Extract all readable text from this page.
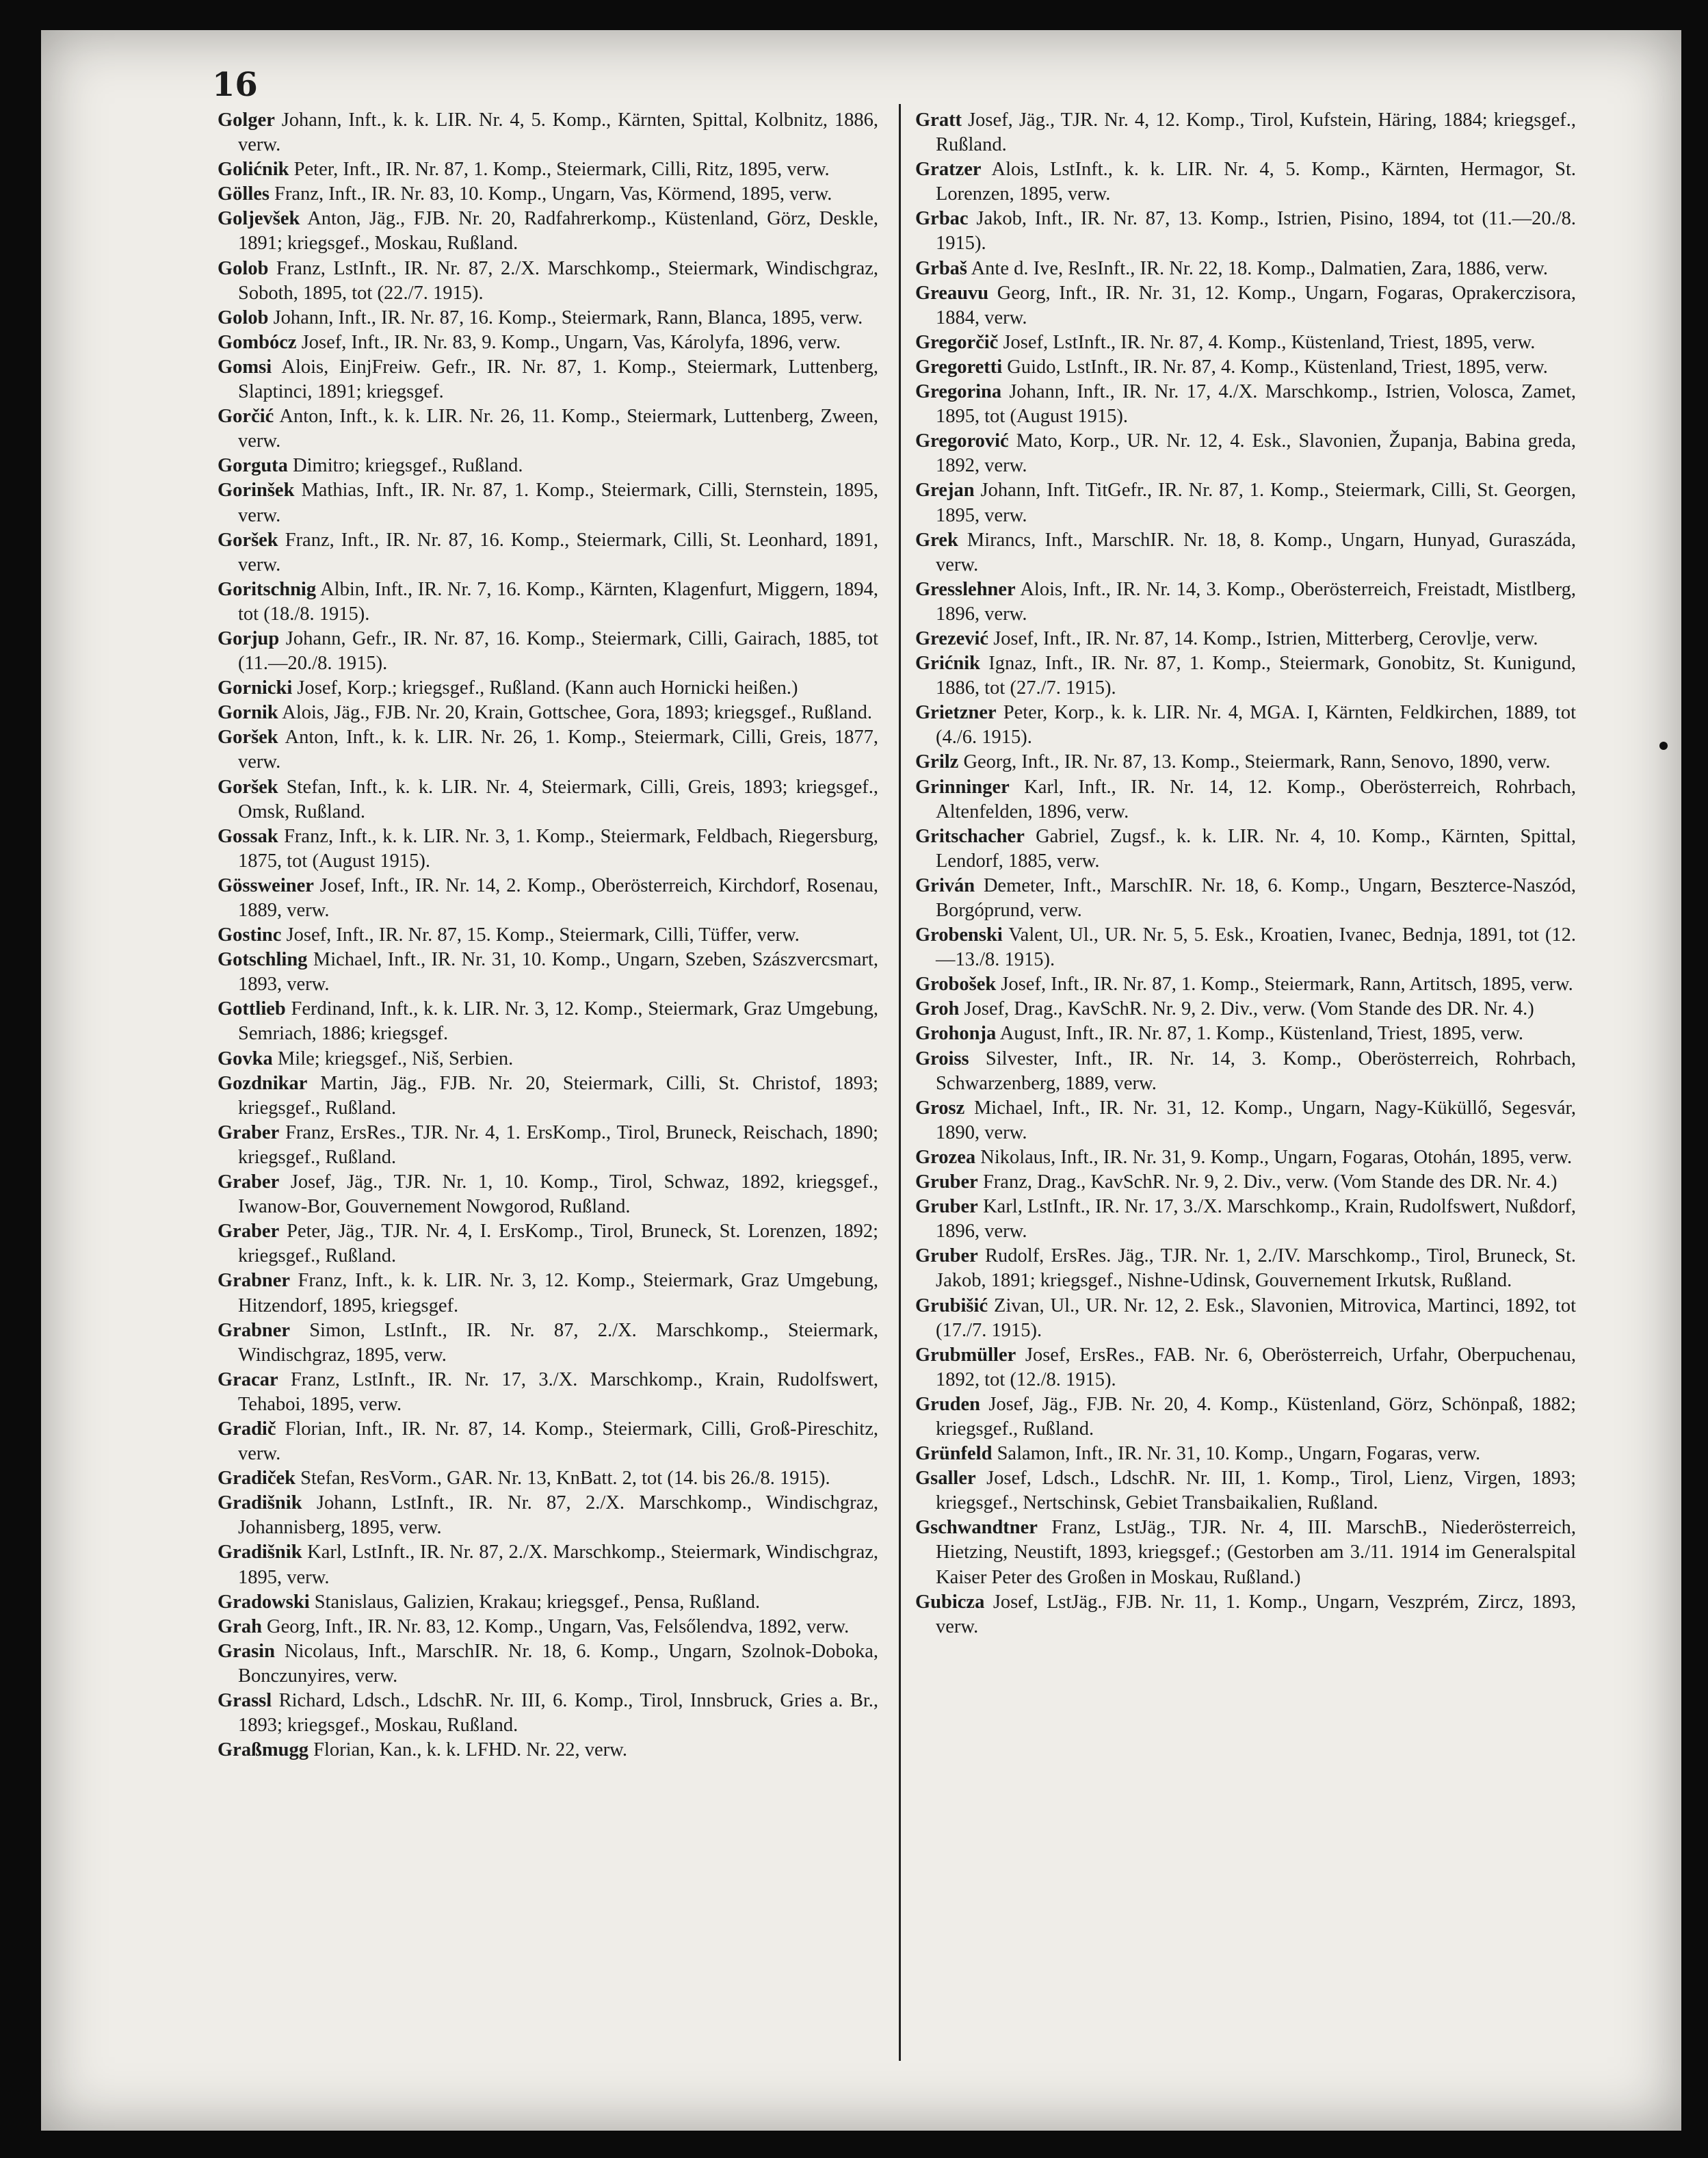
16

Golger Johann, Inft., k. k. LIR. Nr. 4, 5. Komp., Kärnten, Spittal, Kolbnitz, 1886, verw.

Golićnik Peter, Inft., IR. Nr. 87, 1. Komp., Steiermark, Cilli, Ritz, 1895, verw.

Gölles Franz, Inft., IR. Nr. 83, 10. Komp., Ungarn, Vas, Körmend, 1895, verw.

Goljevšek Anton, Jäg., FJB. Nr. 20, Radfahrerkomp., Küstenland, Görz, Deskle, 1891; kriegsgef., Moskau, Rußland.

Golob Franz, LstInft., IR. Nr. 87, 2./X. Marschkomp., Steiermark, Windischgraz, Soboth, 1895, tot (22./7. 1915).

Golob Johann, Inft., IR. Nr. 87, 16. Komp., Steiermark, Rann, Blanca, 1895, verw.

Gombócz Josef, Inft., IR. Nr. 83, 9. Komp., Ungarn, Vas, Károlyfa, 1896, verw.

Gomsi Alois, EinjFreiw. Gefr., IR. Nr. 87, 1. Komp., Steiermark, Luttenberg, Slaptinci, 1891; kriegsgef.

Gorčić Anton, Inft., k. k. LIR. Nr. 26, 11. Komp., Steiermark, Luttenberg, Zween, verw.

Gorguta Dimitro; kriegsgef., Rußland.

Gorinšek Mathias, Inft., IR. Nr. 87, 1. Komp., Steiermark, Cilli, Sternstein, 1895, verw.

Goršek Franz, Inft., IR. Nr. 87, 16. Komp., Steiermark, Cilli, St. Leonhard, 1891, verw.

Goritschnig Albin, Inft., IR. Nr. 7, 16. Komp., Kärnten, Klagenfurt, Miggern, 1894, tot (18./8. 1915).

Gorjup Johann, Gefr., IR. Nr. 87, 16. Komp., Steiermark, Cilli, Gairach, 1885, tot (11.—20./8. 1915).

Gornicki Josef, Korp.; kriegsgef., Rußland. (Kann auch Hornicki heißen.)

Gornik Alois, Jäg., FJB. Nr. 20, Krain, Gottschee, Gora, 1893; kriegsgef., Rußland.

Goršek Anton, Inft., k. k. LIR. Nr. 26, 1. Komp., Steiermark, Cilli, Greis, 1877, verw.

Goršek Stefan, Inft., k. k. LIR. Nr. 4, Steiermark, Cilli, Greis, 1893; kriegsgef., Omsk, Rußland.

Gossak Franz, Inft., k. k. LIR. Nr. 3, 1. Komp., Steiermark, Feldbach, Riegersburg, 1875, tot (August 1915).

Gössweiner Josef, Inft., IR. Nr. 14, 2. Komp., Oberösterreich, Kirchdorf, Rosenau, 1889, verw.

Gostinc Josef, Inft., IR. Nr. 87, 15. Komp., Steiermark, Cilli, Tüffer, verw.

Gotschling Michael, Inft., IR. Nr. 31, 10. Komp., Ungarn, Szeben, Szászvercsmart, 1893, verw.

Gottlieb Ferdinand, Inft., k. k. LIR. Nr. 3, 12. Komp., Steiermark, Graz Umgebung, Semriach, 1886; kriegsgef.

Govka Mile; kriegsgef., Niš, Serbien.

Gozdnikar Martin, Jäg., FJB. Nr. 20, Steiermark, Cilli, St. Christof, 1893; kriegsgef., Rußland.

Graber Franz, ErsRes., TJR. Nr. 4, 1. ErsKomp., Tirol, Bruneck, Reischach, 1890; kriegsgef., Rußland.

Graber Josef, Jäg., TJR. Nr. 1, 10. Komp., Tirol, Schwaz, 1892, kriegsgef., Iwanow-Bor, Gouvernement Nowgorod, Rußland.

Graber Peter, Jäg., TJR. Nr. 4, I. ErsKomp., Tirol, Bruneck, St. Lorenzen, 1892; kriegsgef., Rußland.

Grabner Franz, Inft., k. k. LIR. Nr. 3, 12. Komp., Steiermark, Graz Umgebung, Hitzendorf, 1895, kriegsgef.

Grabner Simon, LstInft., IR. Nr. 87, 2./X. Marschkomp., Steiermark, Windischgraz, 1895, verw.

Gracar Franz, LstInft., IR. Nr. 17, 3./X. Marschkomp., Krain, Rudolfswert, Tehaboi, 1895, verw.

Gradič Florian, Inft., IR. Nr. 87, 14. Komp., Steiermark, Cilli, Groß-Pireschitz, verw.

Gradiček Stefan, ResVorm., GAR. Nr. 13, KnBatt. 2, tot (14. bis 26./8. 1915).

Gradišnik Johann, LstInft., IR. Nr. 87, 2./X. Marschkomp., Windischgraz, Johannisberg, 1895, verw.

Gradišnik Karl, LstInft., IR. Nr. 87, 2./X. Marschkomp., Steiermark, Windischgraz, 1895, verw.

Gradowski Stanislaus, Galizien, Krakau; kriegsgef., Pensa, Rußland.

Grah Georg, Inft., IR. Nr. 83, 12. Komp., Ungarn, Vas, Felsőlendva, 1892, verw.

Grasin Nicolaus, Inft., MarschIR. Nr. 18, 6. Komp., Ungarn, Szolnok-Doboka, Bonczunyires, verw.

Grassl Richard, Ldsch., LdschR. Nr. III, 6. Komp., Tirol, Innsbruck, Gries a. Br., 1893; kriegsgef., Moskau, Rußland.

Graßmugg Florian, Kan., k. k. LFHD. Nr. 22, verw.

Gratt Josef, Jäg., TJR. Nr. 4, 12. Komp., Tirol, Kufstein, Häring, 1884; kriegsgef., Rußland.

Gratzer Alois, LstInft., k. k. LIR. Nr. 4, 5. Komp., Kärnten, Hermagor, St. Lorenzen, 1895, verw.

Grbac Jakob, Inft., IR. Nr. 87, 13. Komp., Istrien, Pisino, 1894, tot (11.—20./8. 1915).

Grbaš Ante d. Ive, ResInft., IR. Nr. 22, 18. Komp., Dalmatien, Zara, 1886, verw.

Greauvu Georg, Inft., IR. Nr. 31, 12. Komp., Ungarn, Fogaras, Oprakerczisora, 1884, verw.

Gregorčič Josef, LstInft., IR. Nr. 87, 4. Komp., Küstenland, Triest, 1895, verw.

Gregoretti Guido, LstInft., IR. Nr. 87, 4. Komp., Küstenland, Triest, 1895, verw.

Gregorina Johann, Inft., IR. Nr. 17, 4./X. Marschkomp., Istrien, Volosca, Zamet, 1895, tot (August 1915).

Gregorović Mato, Korp., UR. Nr. 12, 4. Esk., Slavonien, Županja, Babina greda, 1892, verw.

Grejan Johann, Inft. TitGefr., IR. Nr. 87, 1. Komp., Steiermark, Cilli, St. Georgen, 1895, verw.

Grek Mirancs, Inft., MarschIR. Nr. 18, 8. Komp., Ungarn, Hunyad, Guraszáda, verw.

Gresslehner Alois, Inft., IR. Nr. 14, 3. Komp., Oberösterreich, Freistadt, Mistlberg, 1896, verw.

Grezević Josef, Inft., IR. Nr. 87, 14. Komp., Istrien, Mitterberg, Cerovlje, verw.

Grićnik Ignaz, Inft., IR. Nr. 87, 1. Komp., Steiermark, Gonobitz, St. Kunigund, 1886, tot (27./7. 1915).

Grietzner Peter, Korp., k. k. LIR. Nr. 4, MGA. I, Kärnten, Feldkirchen, 1889, tot (4./6. 1915).

Grilz Georg, Inft., IR. Nr. 87, 13. Komp., Steiermark, Rann, Senovo, 1890, verw.

Grinninger Karl, Inft., IR. Nr. 14, 12. Komp., Oberösterreich, Rohrbach, Altenfelden, 1896, verw.

Gritschacher Gabriel, Zugsf., k. k. LIR. Nr. 4, 10. Komp., Kärnten, Spittal, Lendorf, 1885, verw.

Griván Demeter, Inft., MarschIR. Nr. 18, 6. Komp., Ungarn, Beszterce-Naszód, Borgóprund, verw.

Grobenski Valent, Ul., UR. Nr. 5, 5. Esk., Kroatien, Ivanec, Bednja, 1891, tot (12.—13./8. 1915).

Grobošek Josef, Inft., IR. Nr. 87, 1. Komp., Steiermark, Rann, Artitsch, 1895, verw.

Groh Josef, Drag., KavSchR. Nr. 9, 2. Div., verw. (Vom Stande des DR. Nr. 4.)

Grohonja August, Inft., IR. Nr. 87, 1. Komp., Küstenland, Triest, 1895, verw.

Groiss Silvester, Inft., IR. Nr. 14, 3. Komp., Oberösterreich, Rohrbach, Schwarzenberg, 1889, verw.

Grosz Michael, Inft., IR. Nr. 31, 12. Komp., Ungarn, Nagy-Küküllő, Segesvár, 1890, verw.

Grozea Nikolaus, Inft., IR. Nr. 31, 9. Komp., Ungarn, Fogaras, Otohán, 1895, verw.

Gruber Franz, Drag., KavSchR. Nr. 9, 2. Div., verw. (Vom Stande des DR. Nr. 4.)

Gruber Karl, LstInft., IR. Nr. 17, 3./X. Marschkomp., Krain, Rudolfswert, Nußdorf, 1896, verw.

Gruber Rudolf, ErsRes. Jäg., TJR. Nr. 1, 2./IV. Marschkomp., Tirol, Bruneck, St. Jakob, 1891; kriegsgef., Nishne-Udinsk, Gouvernement Irkutsk, Rußland.

Grubišić Zivan, Ul., UR. Nr. 12, 2. Esk., Slavonien, Mitrovica, Martinci, 1892, tot (17./7. 1915).

Grubmüller Josef, ErsRes., FAB. Nr. 6, Oberösterreich, Urfahr, Oberpuchenau, 1892, tot (12./8. 1915).

Gruden Josef, Jäg., FJB. Nr. 20, 4. Komp., Küstenland, Görz, Schönpaß, 1882; kriegsgef., Rußland.

Grünfeld Salamon, Inft., IR. Nr. 31, 10. Komp., Ungarn, Fogaras, verw.

Gsaller Josef, Ldsch., LdschR. Nr. III, 1. Komp., Tirol, Lienz, Virgen, 1893; kriegsgef., Nertschinsk, Gebiet Transbaikalien, Rußland.

Gschwandtner Franz, LstJäg., TJR. Nr. 4, III. MarschB., Niederösterreich, Hietzing, Neustift, 1893, kriegsgef.; (Gestorben am 3./11. 1914 im Generalspital Kaiser Peter des Großen in Moskau, Rußland.)

Gubicza Josef, LstJäg., FJB. Nr. 11, 1. Komp., Ungarn, Veszprém, Zircz, 1893, verw.
